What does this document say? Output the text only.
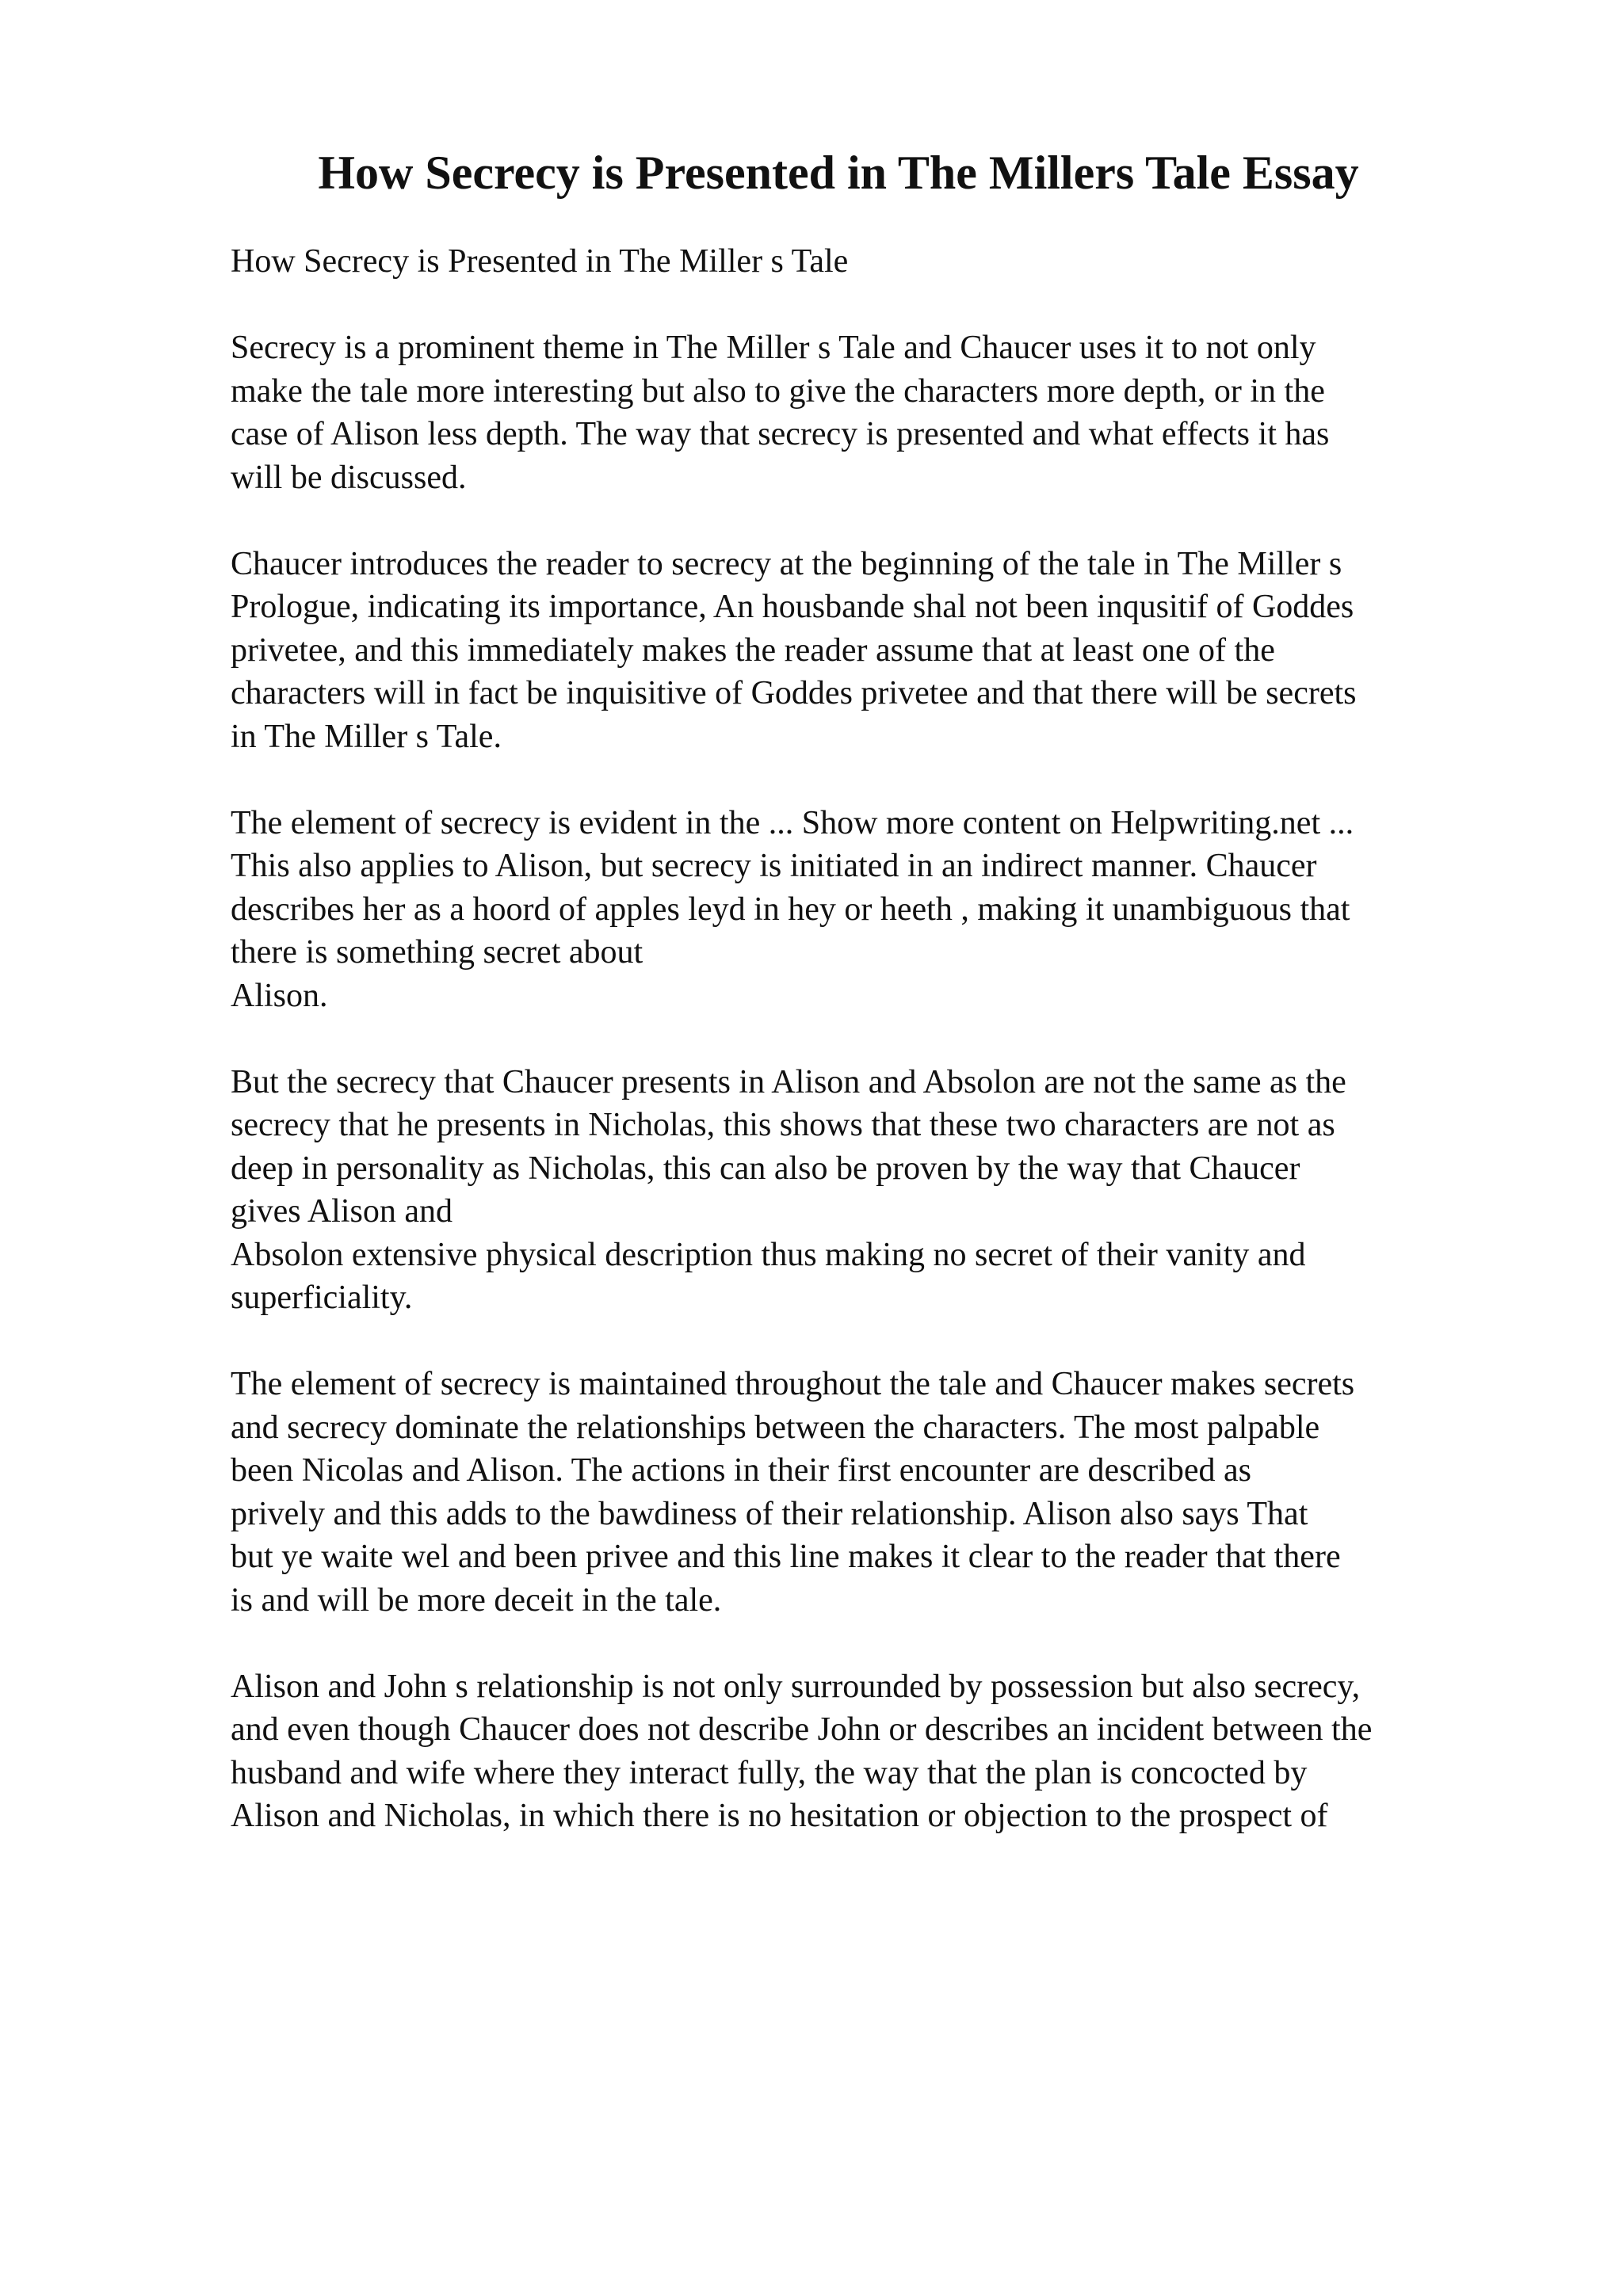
How Secrecy is Presented in The Millers Tale Essay

How Secrecy is Presented in The Miller s Tale

Secrecy is a prominent theme in The Miller s Tale and Chaucer uses it to not only
make the tale more interesting but also to give the characters more depth, or in the
case of Alison less depth. The way that secrecy is presented and what effects it has
will be discussed.

Chaucer introduces the reader to secrecy at the beginning of the tale in The Miller s
Prologue, indicating its importance, An housbande shal not been inqusitif of Goddes
privetee, and this immediately makes the reader assume that at least one of the
characters will in fact be inquisitive of Goddes privetee and that there will be secrets
in The Miller s Tale.

The element of secrecy is evident in the ... Show more content on Helpwriting.net ...
This also applies to Alison, but secrecy is initiated in an indirect manner. Chaucer
describes her as a hoord of apples leyd in hey or heeth , making it unambiguous that
there is something secret about
Alison.

But the secrecy that Chaucer presents in Alison and Absolon are not the same as the
secrecy that he presents in Nicholas, this shows that these two characters are not as
deep in personality as Nicholas, this can also be proven by the way that Chaucer
gives Alison and
Absolon extensive physical description thus making no secret of their vanity and
superficiality.

The element of secrecy is maintained throughout the tale and Chaucer makes secrets
and secrecy dominate the relationships between the characters. The most palpable
been Nicolas and Alison. The actions in their first encounter are described as
prively and this adds to the bawdiness of their relationship. Alison also says That
but ye waite wel and been privee and this line makes it clear to the reader that there
is and will be more deceit in the tale.

Alison and John s relationship is not only surrounded by possession but also secrecy,
and even though Chaucer does not describe John or describes an incident between the
husband and wife where they interact fully, the way that the plan is concocted by
Alison and Nicholas, in which there is no hesitation or objection to the prospect of
